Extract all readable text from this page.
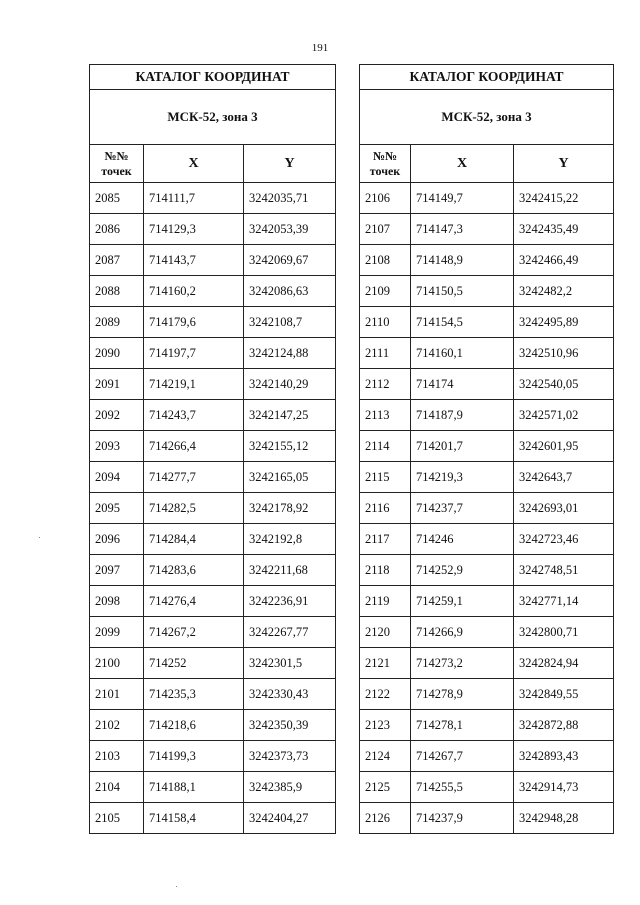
191
КАТАЛОГ КООРДИНАТ		
МСК-52, зона 3		
№№ точек	X	Y
2085	714111,7	3242035,71
2086	714129,3	3242053,39
2087	714143,7	3242069,67
2088	714160,2	3242086,63
2089	714179,6	3242108,7
2090	714197,7	3242124,88
2091	714219,1	3242140,29
2092	714243,7	3242147,25
2093	714266,4	3242155,12
2094	714277,7	3242165,05
2095	714282,5	3242178,92
2096	714284,4	3242192,8
2097	714283,6	3242211,68
2098	714276,4	3242236,91
2099	714267,2	3242267,77
2100	714252	3242301,5
2101	714235,3	3242330,43
2102	714218,6	3242350,39
2103	714199,3	3242373,73
2104	714188,1	3242385,9
2105	714158,4	3242404,27
КАТАЛОГ КООРДИНАТ		
МСК-52, зона 3		
№№ точек	X	Y
2106	714149,7	3242415,22
2107	714147,3	3242435,49
2108	714148,9	3242466,49
2109	714150,5	3242482,2
2110	714154,5	3242495,89
2111	714160,1	3242510,96
2112	714174	3242540,05
2113	714187,9	3242571,02
2114	714201,7	3242601,95
2115	714219,3	3242643,7
2116	714237,7	3242693,01
2117	714246	3242723,46
2118	714252,9	3242748,51
2119	714259,1	3242771,14
2120	714266,9	3242800,71
2121	714273,2	3242824,94
2122	714278,9	3242849,55
2123	714278,1	3242872,88
2124	714267,7	3242893,43
2125	714255,5	3242914,73
2126	714237,9	3242948,28
